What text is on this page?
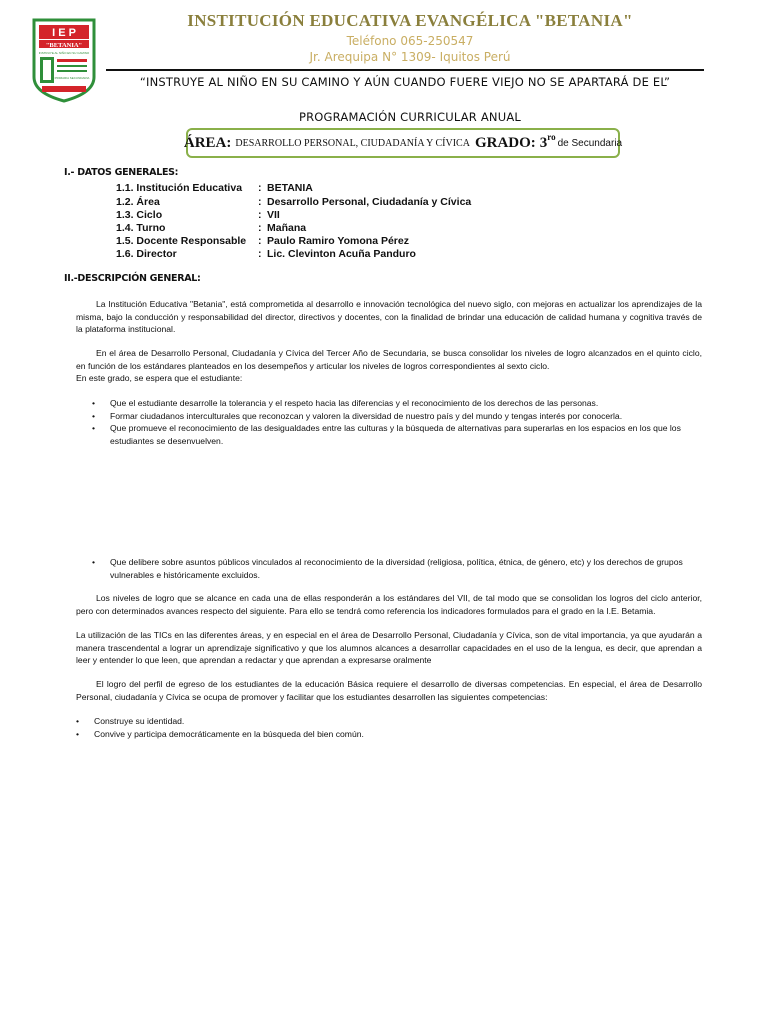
I E P
"BETANIA"
INSTRUYE AL NIÑO EN SU CAMINO
PRIMARIA SECUNDARIA
INSTITUCIÓN EDUCATIVA EVANGÉLICA "BETANIA"
Teléfono 065-250547
Jr. Arequipa N° 1309- Iquitos Perú
“INSTRUYE AL NIÑO EN SU CAMINO Y AÚN CUANDO FUERE VIEJO NO SE APARTARÁ DE EL”
PROGRAMACIÓN CURRICULAR ANUAL
ÁREA: DESARROLLO PERSONAL, CIUDADANÍA Y CÍVICA GRADO: 3 ro
de Secundaria
I.- DATOS GENERALES:
1.1. Institución Educativa	: BETANIA
1.2. Área	: Desarrollo Personal, Ciudadanía y Cívica
1.3. Ciclo	: VII
1.4. Turno	: Mañana
1.5. Docente Responsable	: Paulo Ramiro Yomona Pérez
1.6. Director	: Lic. Clevinton Acuña Pandurо
II.-DESCRIPCIÓN GENERAL:
La Institución Educativa "Betania", está comprometida al desarrollo e innovación tecnológica del nuevo siglo, con mejoras en actualizar los aprendizajes de la misma, bajo la conducción y responsabilidad del director, directivos y docentes, con la finalidad de brindar una educación de calidad humana y cognitiva través de la plataforma institucional.
En el área de Desarrollo Personal, Ciudadanía y Cívica del Tercer Año de Secundaria, se busca consolidar los niveles de logro alcanzados en el quinto ciclo, en función de los estándares planteados en los desempeños y articular los niveles de logros correspondientes al sexto ciclo.
En este grado, se espera que el estudiante:
• Que el estudiante desarrolle la tolerancia y el respeto hacia las diferencias y el reconocimiento de los derechos de las personas.
• Formar ciudadanos interculturales que reconozcan y valoren la diversidad de nuestro país y del mundo y tengas interés por conocerla.
• Que promueve el reconocimiento de las desigualdades entre las culturas y la búsqueda de alternativas para superarlas en los espacios en los que los estudiantes se desenvuelven.
• Que delibere sobre asuntos públicos vinculados al reconocimiento de la diversidad (religiosa, política, étnica, de género, etc) y los derechos de grupos vulnerables e históricamente excluidos.
Los niveles de logro que se alcance en cada una de ellas responderán a los estándares del VII, de tal modo que se consolidan los logros del ciclo anterior, pero con determinados avances respecto del siguiente. Para ello se tendrá como referencia los indicadores formulados para el grado en la I.E. Betamia.
La utilización de las TICs en las diferentes áreas, y en especial en el área de Desarrollo Personal, Ciudadanía y Cívica, son de vital importancia, ya que ayudarán a manera trascendental a lograr un aprendizaje significativo y que los alumnos alcances a desarrollar capacidades en el uso de la lengua, es decir, que aprendan a leer y entender lo que leen, que aprendan a redactar y que aprendan a expresarse oralmente
El logro del perfil de egreso de los estudiantes de la educación Básica requiere el desarrollo de diversas competencias. En especial, el área de Desarrollo Personal, ciudadanía y Cívica se ocupa de promover y facilitar que los estudiantes desarrollen las siguientes competencias:
• Construye su identidad.
• Convive y participa democráticamente en la búsqueda del bien común.
